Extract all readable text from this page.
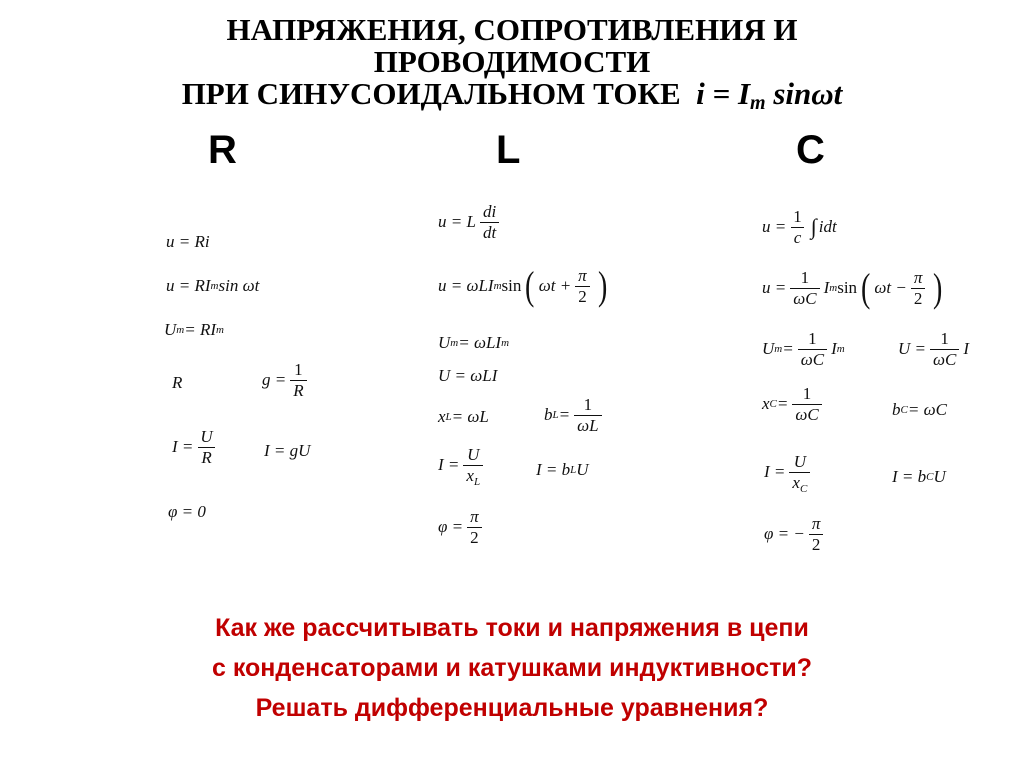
НАПРЯЖЕНИЯ, СОПРОТИВЛЕНИЯ И
ПРОВОДИМОСТИ
ПРИ СИНУСОИДАЛЬНОМ ТОКЕ $i = I_m$ sinωt
R	L	C
u = Ri
u = RI m sin ωt
U m = RI m
R	$g = \frac{1}{R}$
$I = \frac{U}{R}$	I = gU
φ = 0
u = L $\frac{di}{dt}$
u = ωLI m sin ( $\omega t + \frac{\pi}{2}$ )
U m = ωLI m
U = ωLI
x L = ωL	b $L = \frac{1}{\omega L}$
$I = \frac{U}{x_L}$	I = b L U
$\varphi = \frac{\pi}{2}$
$u = \frac{1}{c}$ ∫ idt
$u = \frac{1}{\omega C}$ I m sin ( $\omega t - \frac{\pi}{2}$ )
U $m = \frac{1}{\omega C}$ I m	$U = \frac{1}{\omega C}$ I
x $C = \frac{1}{\omega C}$	b C = ωC
$I = \frac{U}{x_C}$	I = b C U
φ = − $\frac{\pi}{2}$
Как же рассчитывать токи и напряжения в цепи
с конденсаторами и катушками индуктивности?
Решать дифференциальные уравнения?
